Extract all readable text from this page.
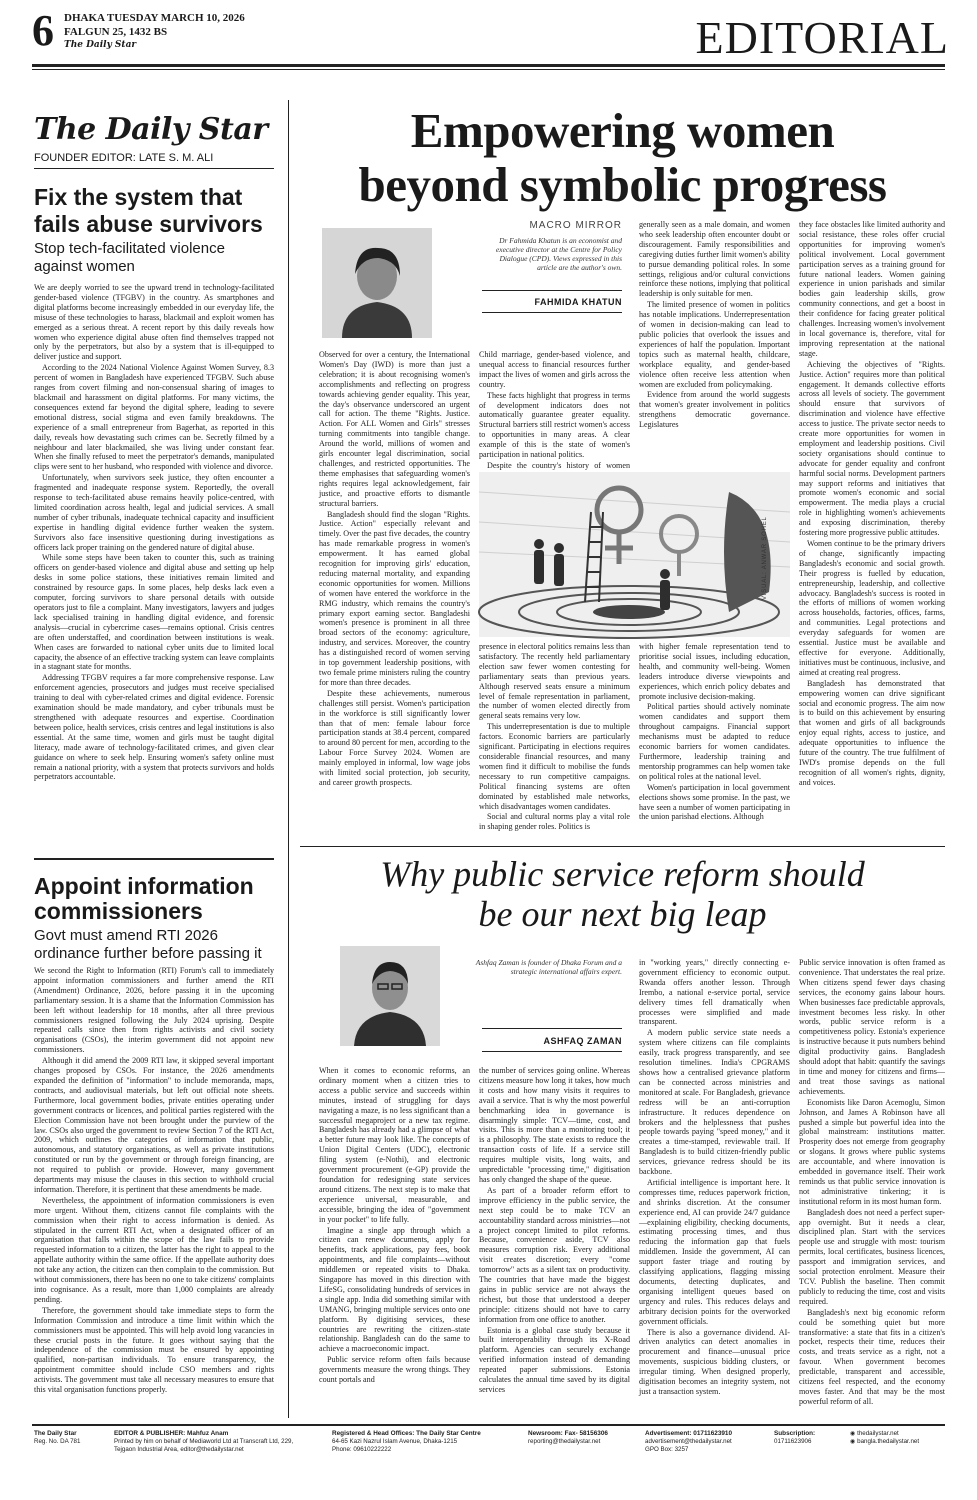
6 DHAKA TUESDAY MARCH 10, 2026
FALGUN 25, 1432 BS
The Daily Star	EDITORIAL
The Daily Star
FOUNDER EDITOR: LATE S. M. ALI
Fix the system that fails abuse survivors
Stop tech-facilitated violence against women

We are deeply worried to see the upward trend in technology-facilitated gender-based violence (TFGBV) in the country. As smartphones and digital platforms become increasingly embedded in our everyday life, the misuse of these technologies to harass, blackmail and exploit women has emerged as a serious threat. A recent report by this daily reveals how women who experience digital abuse often find themselves trapped not only by the perpetrators, but also by a system that is ill-equipped to deliver justice and support.

According to the 2024 National Violence Against Women Survey, 8.3 percent of women in Bangladesh have experienced TFGBV. Such abuse ranges from covert filming and non-consensual sharing of images to blackmail and harassment on digital platforms. For many victims, the consequences extend far beyond the digital sphere, leading to severe emotional distress, social stigma and even family breakdowns. The experience of a small entrepreneur from Bagerhat, as reported in this daily, reveals how devastating such crimes can be. Secretly filmed by a neighbour and later blackmailed, she was living under constant fear. When she finally refused to meet the perpetrator's demands, manipulated clips were sent to her husband, who responded with violence and divorce.

Unfortunately, when survivors seek justice, they often encounter a fragmented and inadequate response system. Reportedly, the overall response to tech-facilitated abuse remains heavily police-centred, with limited coordination across health, legal and judicial services. A small number of cyber tribunals, inadequate technical capacity and insufficient expertise in handling digital evidence further weaken the system. Survivors also face insensitive questioning during investigations as officers lack proper training on the gendered nature of digital abuse.

While some steps have been taken to counter this, such as training officers on gender-based violence and digital abuse and setting up help desks in some police stations, these initiatives remain limited and constrained by resource gaps. In some places, help desks lack even a computer, forcing survivors to share personal details with outside operators just to file a complaint. Many investigators, lawyers and judges lack specialised training in handling digital evidence, and forensic analysis—crucial in cybercrime cases—remains optional. Crisis centres are often understaffed, and coordination between institutions is weak. When cases are forwarded to national cyber units due to limited local capacity, the absence of an effective tracking system can leave complaints in a stagnant state for months.

Addressing TFGBV requires a far more comprehensive response. Law enforcement agencies, prosecutors and judges must receive specialised training to deal with cyber-related crimes and digital evidence. Forensic examination should be made mandatory, and cyber tribunals must be strengthened with adequate resources and expertise. Coordination between police, health services, crisis centres and legal institutions is also essential. At the same time, women and girls must be taught digital literacy, made aware of technology-facilitated crimes, and given clear guidance on where to seek help. Ensuring women's safety online must remain a national priority, with a system that protects survivors and holds perpetrators accountable.

Appoint information commissioners
Govt must amend RTI 2026 ordinance further before passing it

We second the Right to Information (RTI) Forum's call to immediately appoint information commissioners and further amend the RTI (Amendment) Ordinance, 2026, before passing it in the upcoming parliamentary session. It is a shame that the Information Commission has been left without leadership for 18 months, after all three previous commissioners resigned following the July 2024 uprising. Despite repeated calls since then from rights activists and civil society organisations (CSOs), the interim government did not appoint new commissioners.

Although it did amend the 2009 RTI law, it skipped several important changes proposed by CSOs. For instance, the 2026 amendments expanded the definition of "information" to include memoranda, maps, contracts, and audiovisual materials, but left out official note sheets. Furthermore, local government bodies, private entities operating under government contracts or licences, and political parties registered with the Election Commission have not been brought under the purview of the law. CSOs also urged the government to review Section 7 of the RTI Act, 2009, which outlines the categories of information that public, autonomous, and statutory organisations, as well as private institutions constituted or run by the government or through foreign financing, are not required to publish or provide. However, many government departments may misuse the clauses in this section to withhold crucial information. Therefore, it is pertinent that these amendments be made.

Nevertheless, the appointment of information commissioners is even more urgent. Without them, citizens cannot file complaints with the commission when their right to access information is denied. As stipulated in the current RTI Act, when a designated officer of an organisation that falls within the scope of the law fails to provide requested information to a citizen, the latter has the right to appeal to the appellate authority within the same office. If the appellate authority does not take any action, the citizen can then complain to the commission. But without commissioners, there has been no one to take citizens' complaints into cognisance. As a result, more than 1,000 complaints are already pending.

Therefore, the government should take immediate steps to form the Information Commission and introduce a time limit within which the commissioners must be appointed. This will help avoid long vacancies in these crucial posts in the future. It goes without saying that the independence of the commission must be ensured by appointing qualified, non-partisan individuals. To ensure transparency, the appointment committee should include CSO members and rights activists. The government must take all necessary measures to ensure that this vital organisation functions properly.

Empowering women
beyond symbolic progress
MACRO MIRROR
Dr Fahmida Khatun is an economist and executive director at the Centre for Policy Dialogue (CPD). Views expressed in this article are the author's own.
FAHMIDA KHATUN

Observed for over a century, the International Women's Day (IWD) is more than just a celebration; it is about recognising women's accomplishments and reflecting on progress towards achieving gender equality. This year, the day's observance underscored an urgent call for action. The theme "Rights. Justice. Action. For ALL Women and Girls" stresses turning commitments into tangible change. Around the world, millions of women and girls encounter legal discrimination, social challenges, and restricted opportunities. The theme emphasises that safeguarding women's rights requires legal acknowledgement, fair justice, and proactive efforts to dismantle structural barriers.

Bangladesh should find the slogan "Rights. Justice. Action" especially relevant and timely. Over the past five decades, the country has made remarkable progress in women's empowerment. It has earned global recognition for improving girls' education, reducing maternal mortality, and expanding economic opportunities for women. Millions of women have entered the workforce in the RMG industry, which remains the country's primary export earning sector. Bangladeshi women's presence is prominent in all three broad sectors of the economy: agriculture, industry, and services. Moreover, the country has a distinguished record of women serving in top government leadership positions, with two female prime ministers ruling the country for more than three decades.

Despite these achievements, numerous challenges still persist. Women's participation in the workforce is still significantly lower than that of men: female labour force participation stands at 38.4 percent, compared to around 80 percent for men, according to the Labour Force Survey 2024. Women are mainly employed in informal, low wage jobs with limited social protection, job security, and career growth prospects.

Child marriage, gender-based violence, and unequal access to financial resources further impact the lives of women and girls across the country.

These facts highlight that progress in terms of development indicators does not automatically guarantee greater equality. Structural barriers still restrict women's access to opportunities in many areas. A clear example of this is the state of women's participation in national politics.

Despite the country's history of women

generally seen as a male domain, and women who seek leadership often encounter doubt or discouragement. Family responsibilities and caregiving duties further limit women's ability to pursue demanding political roles. In some settings, religious and/or cultural convictions reinforce these notions, implying that political leadership is only suitable for men.

The limited presence of women in politics has notable implications. Underrepresentation of women in decision-making can lead to public policies that overlook the issues and experiences of half the population. Important topics such as maternal health, childcare, workplace equality, and gender-based violence often receive less attention when women are excluded from policymaking.

Evidence from around the world suggests that women's greater involvement in politics strengthens democratic governance. Legislatures

VISUAL: ANWAR SOHEL

presence in electoral politics remains less than satisfactory. The recently held parliamentary election saw fewer women contesting for parliamentary seats than previous years. Although reserved seats ensure a minimum level of female representation in parliament, the number of women elected directly from general seats remains very low.

This underrepresentation is due to multiple factors. Economic barriers are particularly significant. Participating in elections requires considerable financial resources, and many women find it difficult to mobilise the funds necessary to run competitive campaigns. Political financing systems are often dominated by established male networks, which disadvantages women candidates.

Social and cultural norms play a vital role in shaping gender roles. Politics is

with higher female representation tend to prioritise social issues, including education, health, and community well-being. Women leaders introduce diverse viewpoints and experiences, which enrich policy debates and promote inclusive decision-making.

Political parties should actively nominate women candidates and support them throughout campaigns. Financial support mechanisms must be adapted to reduce economic barriers for women candidates. Furthermore, leadership training and mentorship programmes can help women take on political roles at the national level.

Women's participation in local government elections shows some promise. In the past, we have seen a number of women participating in the union parishad elections. Although

they face obstacles like limited authority and social resistance, these roles offer crucial opportunities for improving women's political involvement. Local government participation serves as a training ground for future national leaders. Women gaining experience in union parishads and similar bodies gain leadership skills, grow community connections, and get a boost in their confidence for facing greater political challenges. Increasing women's involvement in local governance is, therefore, vital for improving representation at the national stage.

Achieving the objectives of "Rights. Justice. Action" requires more than political engagement. It demands collective efforts across all levels of society. The government should ensure that survivors of discrimination and violence have effective access to justice. The private sector needs to create more opportunities for women in employment and leadership positions. Civil society organisations should continue to advocate for gender equality and confront harmful social norms. Development partners may support reforms and initiatives that promote women's economic and social empowerment. The media plays a crucial role in highlighting women's achievements and exposing discrimination, thereby fostering more progressive public attitudes.

Women continue to be the primary drivers of change, significantly impacting Bangladesh's economic and social growth. Their progress is fuelled by education, entrepreneurship, leadership, and collective advocacy. Bangladesh's success is rooted in the efforts of millions of women working across households, factories, offices, farms, and communities. Legal protections and everyday safeguards for women are essential. Justice must be available and effective for everyone. Additionally, initiatives must be continuous, inclusive, and aimed at creating real progress.

Bangladesh has demonstrated that empowering women can drive significant social and economic progress. The aim now is to build on this achievement by ensuring that women and girls of all backgrounds enjoy equal rights, access to justice, and adequate opportunities to influence the future of the country. The true fulfilment of IWD's promise depends on the full recognition of all women's rights, dignity, and voices.

Why public service reform should
be our next big leap
Ashfaq Zaman is founder of Dhaka Forum and a strategic international affairs expert.
ASHFAQ ZAMAN

When it comes to economic reforms, an ordinary moment when a citizen tries to access a public service and succeeds within minutes, instead of struggling for days navigating a maze, is no less significant than a successful megaproject or a new tax regime. Bangladesh has already had a glimpse of what a better future may look like. The concepts of Union Digital Centers (UDC), electronic filing system (e-Nothi), and electronic government procurement (e-GP) provide the foundation for redesigning state services around citizens. The next step is to make that experience universal, measurable, and accessible, bringing the idea of "government in your pocket" to life fully.

Imagine a single app through which a citizen can renew documents, apply for benefits, track applications, pay fees, book appointments, and file complaints—without middlemen or repeated visits to Dhaka. Singapore has moved in this direction with LifeSG, consolidating hundreds of services in a single app. India did something similar with UMANG, bringing multiple services onto one platform. By digitising services, these countries are rewriting the citizen–state relationship. Bangladesh can do the same to achieve a macroeconomic impact.

Public service reform often fails because governments measure the wrong things. They count portals and

the number of services going online. Whereas citizens measure how long it takes, how much it costs and how many visits it requires to avail a service. That is why the most powerful benchmarking idea in governance is disarmingly simple: TCV—time, cost, and visits. This is more than a monitoring tool; it is a philosophy. The state exists to reduce the transaction costs of life. If a service still requires multiple visits, long waits, and unpredictable "processing time," digitisation has only changed the shape of the queue.

As part of a broader reform effort to improve efficiency in the public service, the next step could be to make TCV an accountability standard across ministries—not a project concept limited to pilot reforms. Because, convenience aside, TCV also measures corruption risk. Every additional visit creates discretion; every "come tomorrow" acts as a silent tax on productivity. The countries that have made the biggest gains in public service are not always the richest, but those that understood a deeper principle: citizens should not have to carry information from one office to another.

Estonia is a global case study because it built interoperability through its X-Road platform. Agencies can securely exchange verified information instead of demanding repeated paper submissions. Estonia calculates the annual time saved by its digital services

in "working years," directly connecting e-government efficiency to economic output. Rwanda offers another lesson. Through Irembo, a national e-service portal, service delivery times fell dramatically when processes were simplified and made transparent.

A modern public service state needs a system where citizens can file complaints easily, track progress transparently, and see resolution timelines. India's CPGRAMS shows how a centralised grievance platform can be connected across ministries and monitored at scale. For Bangladesh, grievance redress will be an anti-corruption infrastructure. It reduces dependence on brokers and the helplessness that pushes people towards paying "speed money," and it creates a time-stamped, reviewable trail. If Bangladesh is to build citizen-friendly public services, grievance redress should be its backbone.

Artificial intelligence is important here. It compresses time, reduces paperwork friction, and shrinks discretion. At the consumer experience end, AI can provide 24/7 guidance—explaining eligibility, checking documents, estimating processing times, and thus reducing the information gap that fuels middlemen. Inside the government, AI can support faster triage and routing by classifying applications, flagging missing documents, detecting duplicates, and organising intelligent queues based on urgency and rules. This reduces delays and arbitrary decision points for the overworked government officials.

There is also a governance dividend. AI-driven analytics can detect anomalies in procurement and finance—unusual price movements, suspicious bidding clusters, or irregular timing. When designed properly, digitisation becomes an integrity system, not just a transaction system.

Public service innovation is often framed as convenience. That understates the real prize. When citizens spend fewer days chasing services, the economy gains labour hours. When businesses face predictable approvals, investment becomes less risky. In other words, public service reform is a competitiveness policy. Estonia's experience is instructive because it puts numbers behind digital productivity gains. Bangladesh should adopt that habit: quantify the savings in time and money for citizens and firms—and treat those savings as national achievements.

Economists like Daron Acemoglu, Simon Johnson, and James A Robinson have all pushed a simple but powerful idea into the global mainstream: institutions matter. Prosperity does not emerge from geography or slogans. It grows where public systems are accountable, and where innovation is embedded in governance itself. Their work reminds us that public service innovation is not administrative tinkering; it is institutional reform in its most human form.

Bangladesh does not need a perfect super-app overnight. But it needs a clear, disciplined plan. Start with the services people use and struggle with most: tourism permits, local certificates, business licences, passport and immigration services, and social protection enrolment. Measure their TCV. Publish the baseline. Then commit publicly to reducing the time, cost and visits required.

Bangladesh's next big economic reform could be something quiet but more transformative: a state that fits in a citizen's pocket, respects their time, reduces their costs, and treats service as a right, not a favour. When government becomes predictable, transparent and accessible, citizens feel respected, and the economy moves faster. And that may be the most powerful reform of all.

The Daily Star
Reg. No. DA 781
EDITOR & PUBLISHER: Mahfuz Anam
Printed by him on behalf of Mediaworld Ltd at Transcraft Ltd, 229,
Tejgaon Industrial Area, editor@thedailystar.net
Registered & Head Offices: The Daily Star Centre
64-65 Kazi Nazrul Islam Avenue, Dhaka-1215
Phone: 09610222222
Newsroom: Fax- 58156306
reporting@thedailystar.net
Advertisement: 01711623910
advertisement@thedailystar.net
GPO Box: 3257
Subscription:
01711623906
◉ thedailystar.net
◉ bangla.thedailystar.net
